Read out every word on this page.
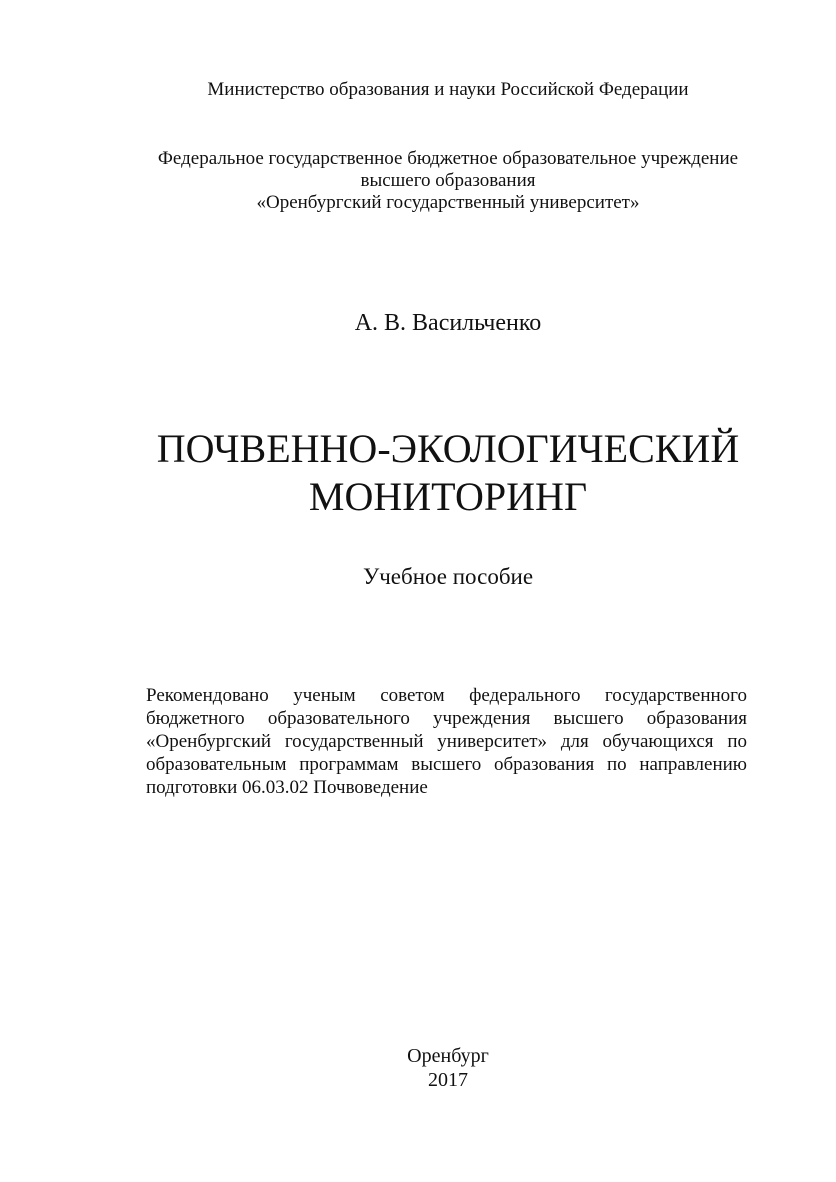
Министерство образования и науки Российской Федерации
Федеральное государственное бюджетное образовательное учреждение
высшего образования
«Оренбургский государственный университет»
А. В. Васильченко
ПОЧВЕННО-ЭКОЛОГИЧЕСКИЙ
МОНИТОРИНГ
Учебное пособие
Рекомендовано ученым советом федерального государственного
бюджетного образовательного учреждения высшего образования
«Оренбургский государственный университет» для обучающихся по
образовательным программам высшего образования по направлению
подготовки 06.03.02 Почвоведение
Оренбург
2017
